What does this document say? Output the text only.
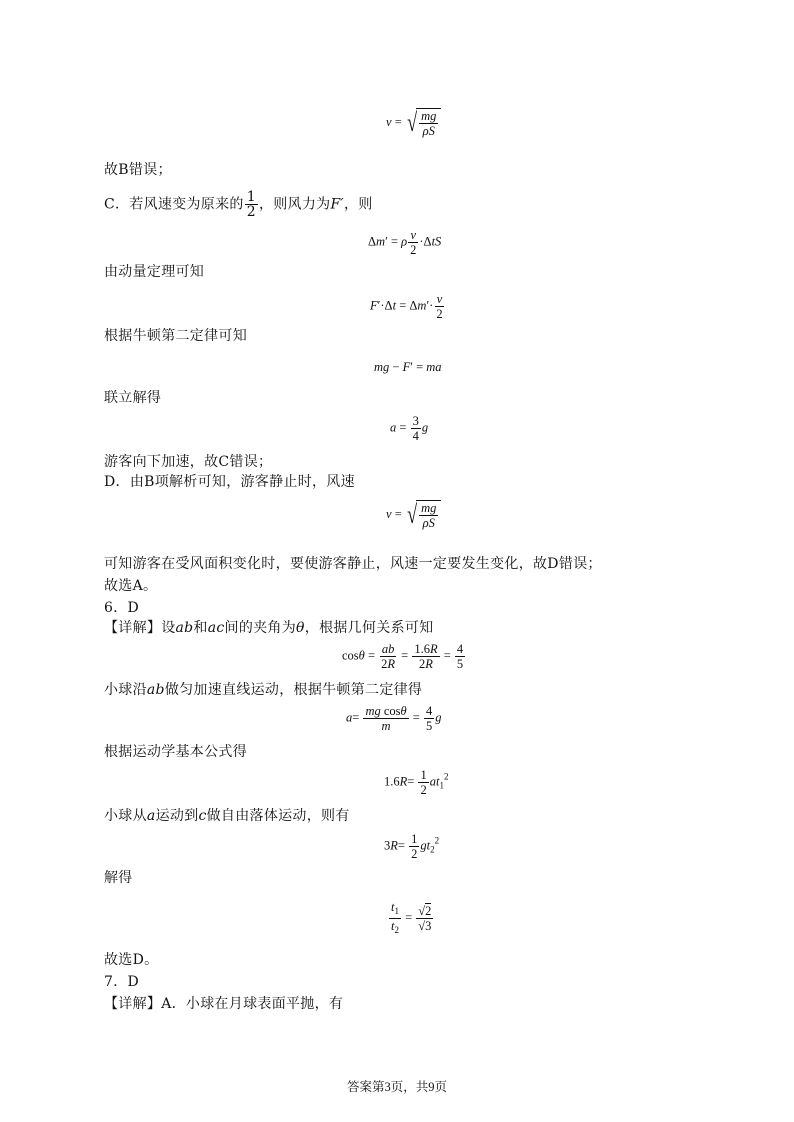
v = √ $\frac{mg}{\rho S}$
故B错误；
C．若风速变为原来的 $\frac{1}{2}$ ，则风力为F′，则
Δm′ = ρ $\frac{v}{2} \cdot\Delta tS$
由动量定理可知
$F'\cdot\Delta t = \Delta m'\cdot \frac{v}{2}$
根据牛顿第二定律可知
mg − F′ = ma
联立解得
$a = \frac{3}{4}$ g
游客向下加速，故C错误；
D．由B项解析可知，游客静止时，风速
v = √ $\frac{mg}{\rho S}$
可知游客在受风面积变化时，要使游客静止，风速一定要发生变化，故D错误；
故选A。
6．D
【详解】设ab和ac间的夹角为θ，根据几何关系可知
$\cos\theta = \frac{ab}{2R} = \frac{1.6R}{2R} = \frac{4}{5}$
小球沿ab做匀加速直线运动，根据牛顿第二定律得
$a= \frac{\text{mg cosθ}}{m} = \frac{4}{5}$ g
根据运动学基本公式得
$1.6R= \frac{1}{2} at_1^2$
小球从a运动到c做自由落体运动，则有
$3R= \frac{1}{2} gt_2^2$
解得
$\frac{t_1}{t_2} = \frac{√2}{√3}$
故选D。
7．D
【详解】A．小球在月球表面平抛，有
答案第3页，共9页
